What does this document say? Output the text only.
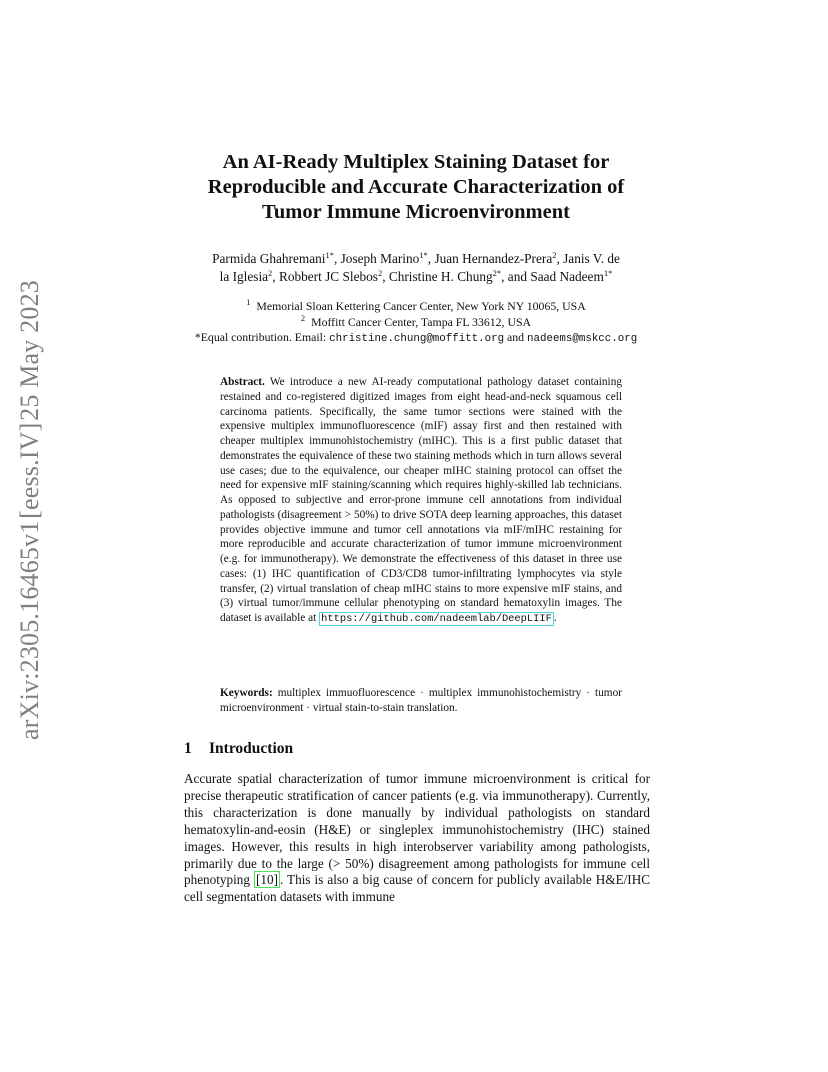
arXiv:2305.16465v1
[eess.IV]
25 May 2023
An AI-Ready Multiplex Staining Dataset for
Reproducible and Accurate Characterization of
Tumor Immune Microenvironment
Parmida Ghahremani$^{1*}$, Joseph Marino$^{1*}$, Juan Hernandez-Prera$^2$, Janis V. de
la Iglesia$^2$, Robbert JC Slebos$^2$, Christine H. Chung$^{2*}$, and Saad Nadeem$^{1*}$
$^1$ Memorial Sloan Kettering Cancer Center, New York NY 10065, USA
$^2$ Moffitt Cancer Center, Tampa FL 33612, USA
*Equal contribution. Email: christine.chung@moffitt.org and nadeems@mskcc.org
Abstract. We introduce a new AI-ready computational pathology dataset containing restained and co-registered digitized images from eight head-and-neck squamous cell carcinoma patients. Specifically, the same tumor sections were stained with the expensive multiplex immunofluorescence (mIF) assay first and then restained with cheaper multiplex immunohistochemistry (mIHC). This is a first public dataset that demonstrates the equivalence of these two staining methods which in turn allows several use cases; due to the equivalence, our cheaper mIHC staining protocol can offset the need for expensive mIF staining/scanning which requires highly-skilled lab technicians. As opposed to subjective and error-prone immune cell annotations from individual pathologists (disagreement > 50%) to drive SOTA deep learning approaches, this dataset provides objective immune and tumor cell annotations via mIF/mIHC restaining for more reproducible and accurate characterization of tumor immune microenvironment (e.g. for immunotherapy). We demonstrate the effectiveness of this dataset in three use cases: (1) IHC quantification of CD3/CD8 tumor-infiltrating lymphocytes via style transfer, (2) virtual translation of cheap mIHC stains to more expensive mIF stains, and (3) virtual tumor/immune cellular phenotyping on standard hematoxylin images. The dataset is available at https://github.com/nadeemlab/DeepLIIF .
Keywords: multiplex immuofluorescence · multiplex immunohistochemistry · tumor microenvironment · virtual stain-to-stain translation.
1 Introduction
Accurate spatial characterization of tumor immune microenvironment is critical for precise therapeutic stratification of cancer patients (e.g. via immunotherapy). Currently, this characterization is done manually by individual pathologists on standard hematoxylin-and-eosin (H&E) or singleplex immunohistochemistry (IHC) stained images. However, this results in high interobserver variability among pathologists, primarily due to the large (> 50%) disagreement among pathologists for immune cell phenotyping [10] . This is also a big cause of concern for publicly available H&E/IHC cell segmentation datasets with immune
